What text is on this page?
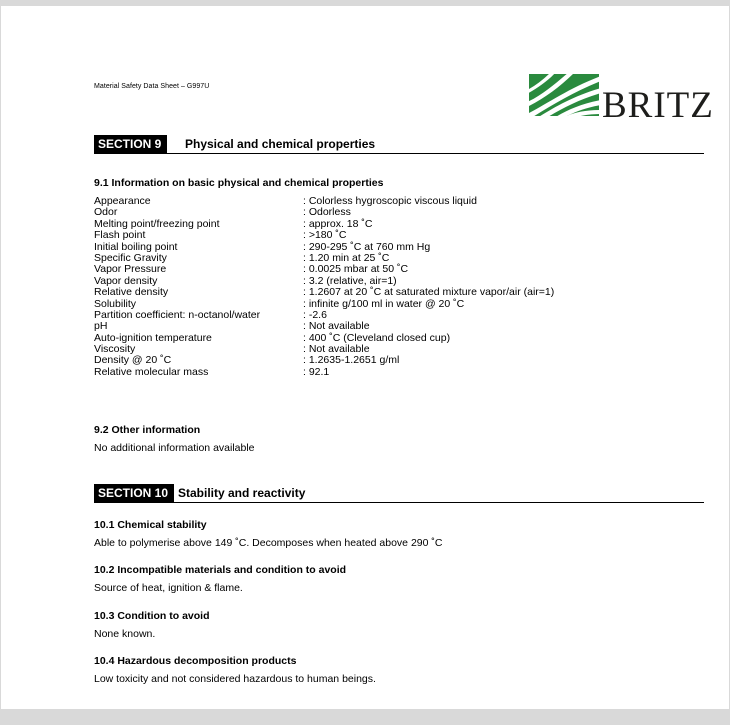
Material Safety Data Sheet – G997U	BRITZ
SECTION 9	Physical and chemical properties
9.1 Information on basic physical and chemical properties
Appearance	: Colorless hygroscopic viscous liquid
Odor	: Odorless
Melting point/freezing point	: approx. 18 ˚C
Flash point	: >180 ˚C
Initial boiling point	: 290-295 ˚C at 760 mm Hg
Specific Gravity	: 1.20 min at 25 ˚C
Vapor Pressure	: 0.0025 mbar at 50 ˚C
Vapor density	: 3.2 (relative, air=1)
Relative density	: 1.2607 at 20 ˚C at saturated mixture vapor/air (air=1)
Solubility	: infinite g/100 ml in water @ 20 ˚C
Partition coefficient: n-octanol/water	: -2.6
pH	: Not available
Auto-ignition temperature	: 400 ˚C (Cleveland closed cup)
Viscosity	: Not available
Density @ 20 ˚C	: 1.2635-1.2651 g/ml
Relative molecular mass	: 92.1
9.2 Other information
No additional information available
SECTION 10 Stability and reactivity
10.1 Chemical stability
Able to polymerise above 149 ˚C. Decomposes when heated above 290 ˚C
10.2 Incompatible materials and condition to avoid
Source of heat, ignition & flame.
10.3 Condition to avoid
None known.
10.4 Hazardous decomposition products
Low toxicity and not considered hazardous to human beings.
